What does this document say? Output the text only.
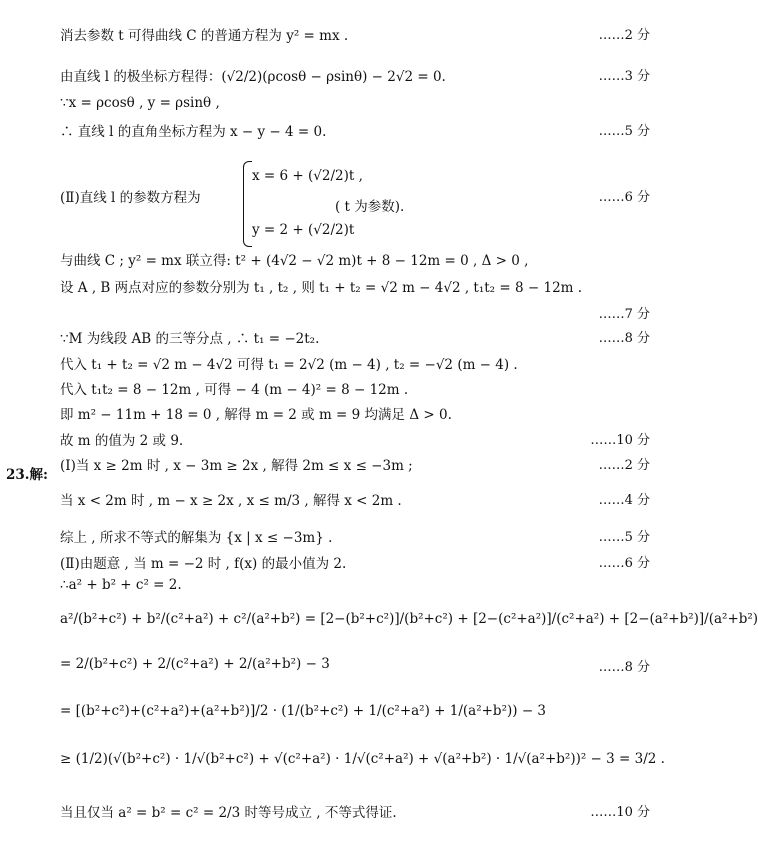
消去参数 t 可得曲线 C 的普通方程为 y² = mx .	……2 分
由直线 l 的极坐标方程得：(√2/2)(ρcosθ − ρsinθ) − 2√2 = 0.	……3 分
∵x = ρcosθ , y = ρsinθ ,
∴ 直线 l 的直角坐标方程为 x − y − 4 = 0.	……5 分
(Ⅱ)直线 l 的参数方程为	……6 分
与曲线 C ; y² = mx 联立得: t² + (4√2 − √2 m)t + 8 − 12m = 0 , Δ > 0 ,
设 A , B 两点对应的参数分别为 t₁ , t₂ , 则 t₁ + t₂ = √2 m − 4√2 , t₁t₂ = 8 − 12m .
……7 分
∵M 为线段 AB 的三等分点 , ∴ t₁ = −2t₂.	……8 分
代入 t₁ + t₂ = √2 m − 4√2 可得 t₁ = 2√2 (m − 4) , t₂ = −√2 (m − 4) .
代入 t₁t₂ = 8 − 12m , 可得 − 4 (m − 4)² = 8 − 12m .
即 m² − 11m + 18 = 0 , 解得 m = 2 或 m = 9 均满足 Δ > 0.
故 m 的值为 2 或 9.	……10 分
(Ⅰ)当 x ≥ 2m 时 , x − 3m ≥ 2x , 解得 2m ≤ x ≤ −3m ;	……2 分
当 x < 2m 时 , m − x ≥ 2x , x ≤ m/3 , 解得 x < 2m .	……4 分
综上 , 所求不等式的解集为 {x | x ≤ −3m} .	……5 分
(Ⅱ)由题意 , 当 m = −2 时 , f(x) 的最小值为 2.	……6 分
∴a² + b² + c² = 2.
a²/(b²+c²) + b²/(c²+a²) + c²/(a²+b²) = [2−(b²+c²)]/(b²+c²) + [2−(c²+a²)]/(c²+a²) + [2−(a²+b²)]/(a²+b²)
= 2/(b²+c²) + 2/(c²+a²) + 2/(a²+b²) − 3	……8 分
= [(b²+c²)+(c²+a²)+(a²+b²)]/2 · (1/(b²+c²) + 1/(c²+a²) + 1/(a²+b²)) − 3
≥ (1/2)(√(b²+c²) · 1/√(b²+c²) + √(c²+a²) · 1/√(c²+a²) + √(a²+b²) · 1/√(a²+b²))² − 3 = 3/2 .
当且仅当 a² = b² = c² = 2/3 时等号成立 , 不等式得证.	……10 分
x = 6 + (√2/2)t ,
y = 2 + (√2/2)t
( t 为参数).
23.解:
